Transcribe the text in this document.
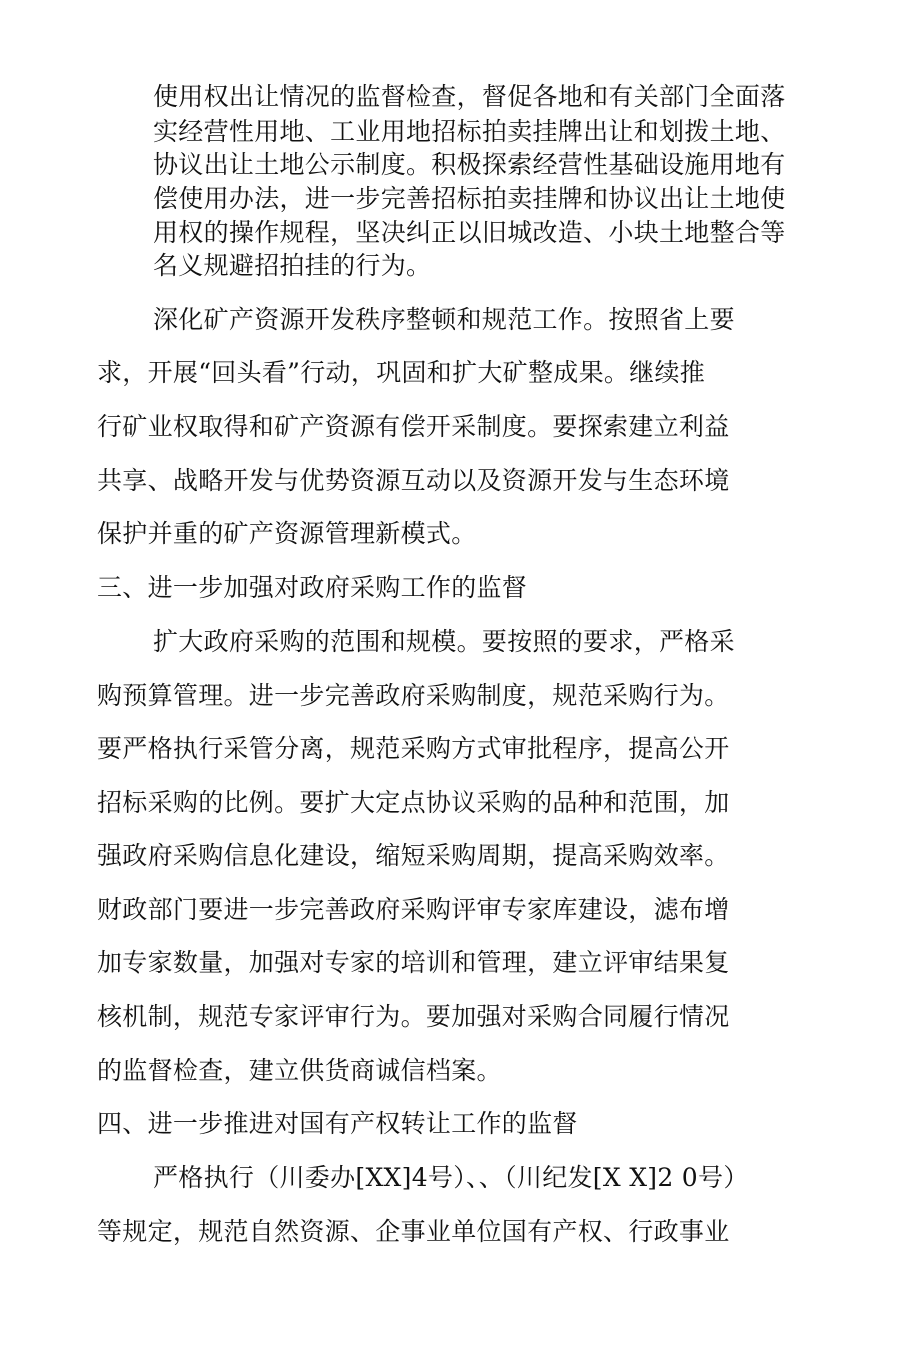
使用权出让情况的监督检查，督促各地和有关部门全面落
实经营性用地、工业用地招标拍卖挂牌出让和划拨土地、
协议出让土地公示制度。积极探索经营性基础设施用地有
偿使用办法，进一步完善招标拍卖挂牌和协议出让土地使
用权的操作规程，坚决纠正以旧城改造、小块土地整合等
名义规避招拍挂的行为。
深化矿产资源开发秩序整顿和规范工作。按照省上要
求，开展“回头看”行动，巩固和扩大矿整成果。继续推
行矿业权取得和矿产资源有偿开采制度。要探索建立利益
共享、战略开发与优势资源互动以及资源开发与生态环境
保护并重的矿产资源管理新模式。
三、进一步加强对政府采购工作的监督
扩大政府采购的范围和规模。要按照的要求，严格采
购预算管理。进一步完善政府采购制度，规范采购行为。
要严格执行采管分离，规范采购方式审批程序，提高公开
招标采购的比例。要扩大定点协议采购的品种和范围，加
强政府采购信息化建设，缩短采购周期，提高采购效率。
财政部门要进一步完善政府采购评审专家库建设，滤布增
加专家数量，加强对专家的培训和管理，建立评审结果复
核机制，规范专家评审行为。要加强对采购合同履行情况
的监督检查，建立供货商诚信档案。
四、进一步推进对国有产权转让工作的监督
严格执行（川委办[XX]4号）、、（川纪发[X X]2 0号）
等规定，规范自然资源、企事业单位国有产权、行政事业
